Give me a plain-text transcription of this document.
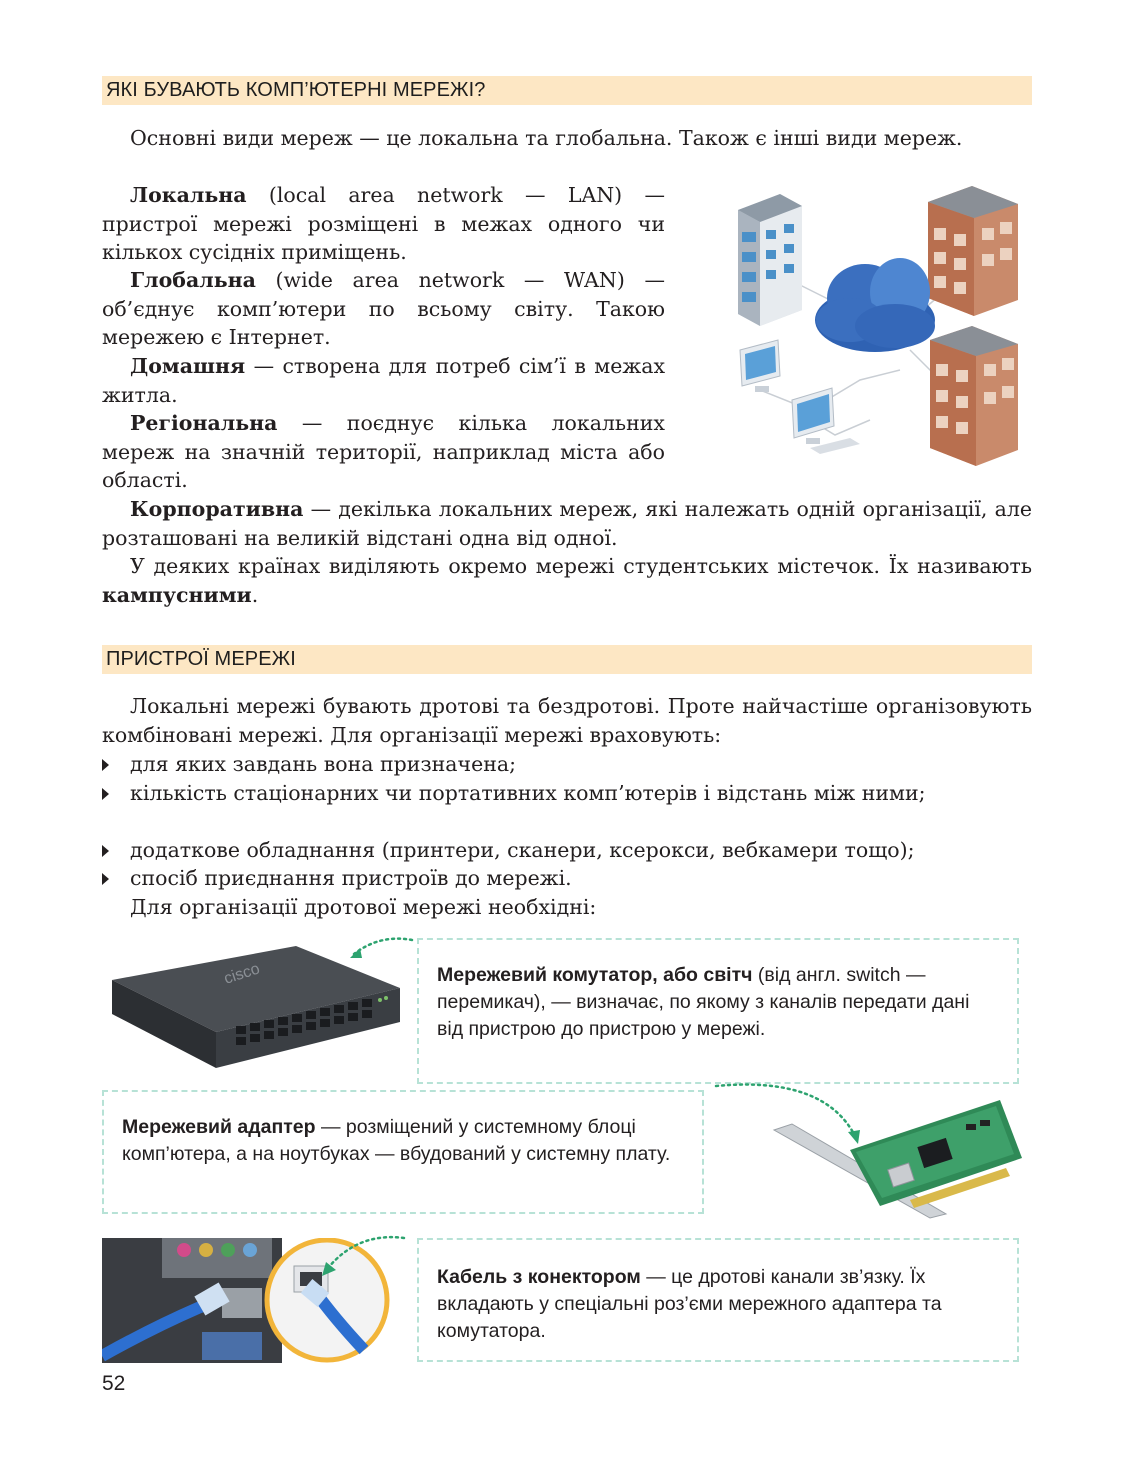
ЯКІ БУВАЮТЬ КОМП’ЮТЕРНІ МЕРЕЖІ?
Основні види мереж — це локальна та глобальна. Також є інші види мереж.
Локальна (local area network — LAN) — пристрої мережі розміщені в межах одного чи кількох сусідніх приміщень.
Глобальна (wide area network — WAN) — об’єднує комп’ютери по всьому світу. Такою мережею є Інтернет.
Домашня — створена для потреб сім’ї в межах житла.
Регіональна — поєднує кілька локальних мереж на значній території, наприклад міста або області.
Корпоративна — декілька локальних мереж, які належать одній організації, але розташовані на великій відстані одна від одної.
У деяких країнах виділяють окремо мережі студентських містечок. Їх називають кампусними.
ПРИСТРОЇ МЕРЕЖІ
Локальні мережі бувають дротові та бездротові. Проте найчастіше організовують комбіновані мережі. Для організації мережі враховують:
для яких завдань вона призначена;
кількість стаціонарних чи портативних комп’ютерів і відстань між ними;
додаткове обладнання (принтери, сканери, ксерокси, вебкамери тощо);
спосіб приєднання пристроїв до мережі.
Для організації дротової мережі необхідні:
cisco	Мережевий комутатор, або світч (від англ. switch — перемикач), — визначає, по якому з каналів передати дані від пристрою до пристрою у мережі.
Мережевий адаптер — розміщений у системному блоці комп’ютера, а на ноутбуках — вбудований у системну плату.
Кабель з конектором — це дротові канали зв’язку. Їх вкладають у спеціальні роз’єми мережного адаптера та комутатора.
52
